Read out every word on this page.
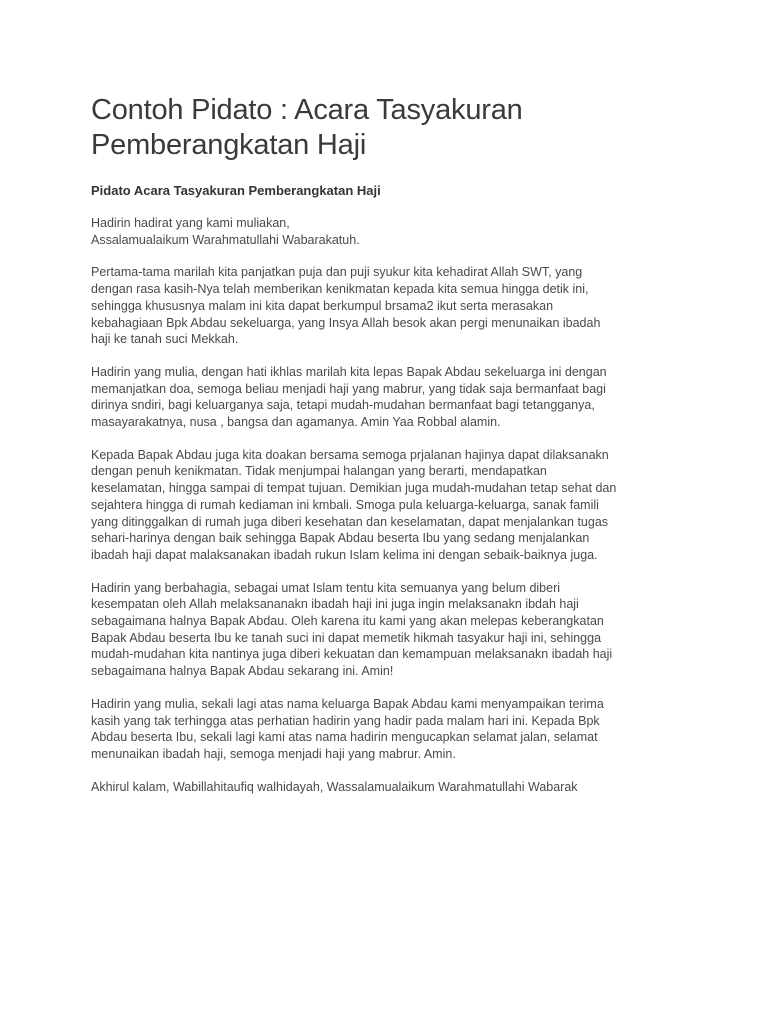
Contoh Pidato : Acara Tasyakuran
Pemberangkatan Haji
Pidato Acara Tasyakuran Pemberangkatan Haji

Hadirin hadirat yang kami muliakan,
Assalamualaikum Warahmatullahi Wabarakatuh.

Pertama-tama marilah kita panjatkan puja dan puji syukur kita kehadirat Allah SWT, yang
dengan rasa kasih-Nya telah memberikan kenikmatan kepada kita semua hingga detik ini,
sehingga khususnya malam ini kita dapat berkumpul brsama2 ikut serta merasakan
kebahagiaan Bpk Abdau sekeluarga, yang Insya Allah besok akan pergi menunaikan ibadah
haji ke tanah suci Mekkah.

Hadirin yang mulia, dengan hati ikhlas marilah kita lepas Bapak Abdau sekeluarga ini dengan
memanjatkan doa, semoga beliau menjadi haji yang mabrur, yang tidak saja bermanfaat bagi
dirinya sndiri, bagi keluarganya saja, tetapi mudah-mudahan bermanfaat bagi tetangganya,
masayarakatnya, nusa , bangsa dan agamanya. Amin Yaa Robbal alamin.

Kepada Bapak Abdau juga kita doakan bersama semoga prjalanan hajinya dapat dilaksanakn
dengan penuh kenikmatan. Tidak menjumpai halangan yang berarti, mendapatkan
keselamatan, hingga sampai di tempat tujuan. Demikian juga mudah-mudahan tetap sehat dan
sejahtera hingga di rumah kediaman ini kmbali. Smoga pula keluarga-keluarga, sanak famili
yang ditinggalkan di rumah juga diberi kesehatan dan keselamatan, dapat menjalankan tugas
sehari-harinya dengan baik sehingga Bapak Abdau beserta Ibu yang sedang menjalankan
ibadah haji dapat malaksanakan ibadah rukun Islam kelima ini dengan sebaik-baiknya juga.

Hadirin yang berbahagia, sebagai umat Islam tentu kita semuanya yang belum diberi
kesempatan oleh Allah melaksananakn ibadah haji ini juga ingin melaksanakn ibdah haji
sebagaimana halnya Bapak Abdau. Oleh karena itu kami yang akan melepas keberangkatan
Bapak Abdau beserta Ibu ke tanah suci ini dapat memetik hikmah tasyakur haji ini, sehingga
mudah-mudahan kita nantinya juga diberi kekuatan dan kemampuan melaksanakn ibadah haji
sebagaimana halnya Bapak Abdau sekarang ini. Amin!

Hadirin yang mulia, sekali lagi atas nama keluarga Bapak Abdau kami menyampaikan terima
kasih yang tak terhingga atas perhatian hadirin yang hadir pada malam hari ini. Kepada Bpk
Abdau beserta Ibu, sekali lagi kami atas nama hadirin mengucapkan selamat jalan, selamat
menunaikan ibadah haji, semoga menjadi haji yang mabrur. Amin.

Akhirul kalam, Wabillahitaufiq walhidayah, Wassalamualaikum Warahmatullahi Wabarak
